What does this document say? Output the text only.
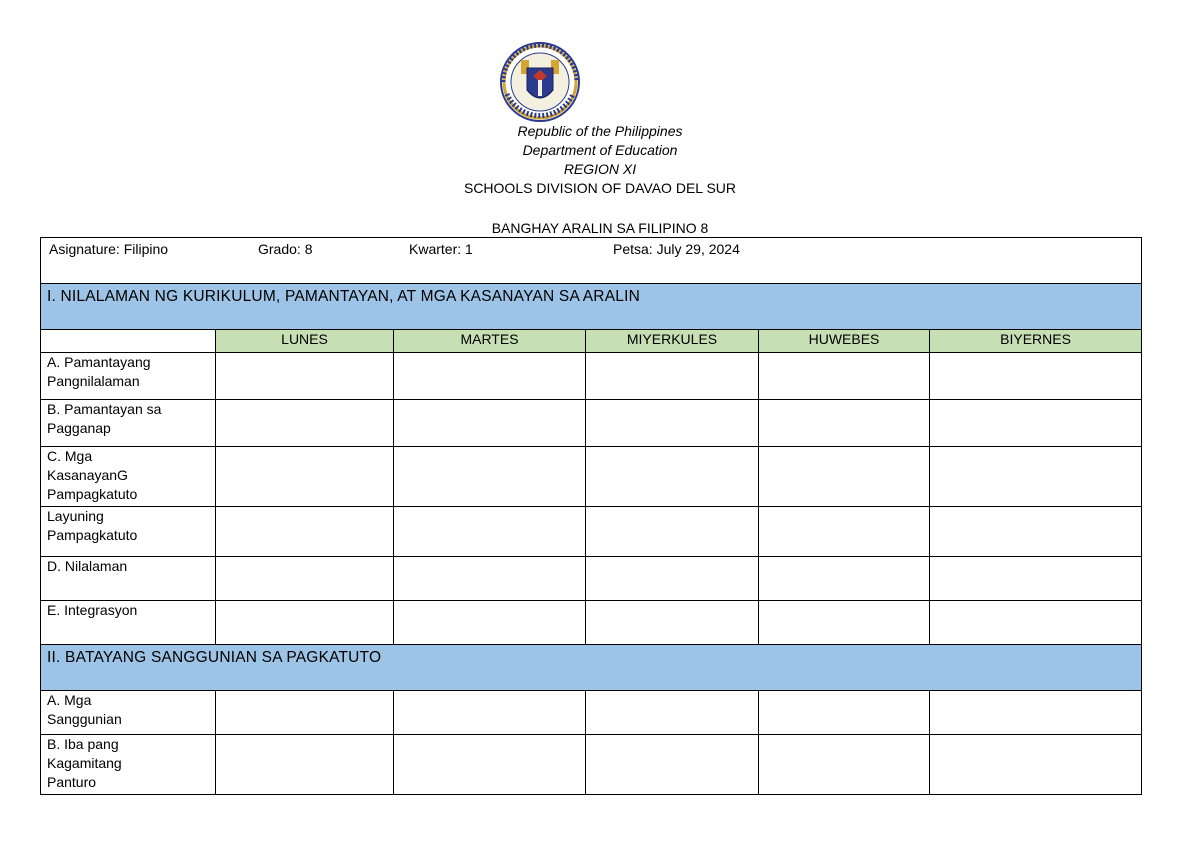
Republic of the Philippines
Department of Education
REGION XI
SCHOOLS DIVISION OF DAVAO DEL SUR
BANGHAY ARALIN SA FILIPINO 8
Asignature: Filipino Grado: 8 Kwarter: 1 Petsa: July 29, 2024					

I. NILALAMAN NG KURIKULUM, PAMANTAYAN, AT MGA KASANAYAN SA ARALIN					

	LUNES	MARTES	MIYERKULES	HUWEBES	BIYERNES

A. Pamantayang
Pangnilalaman					

B. Pamantayan sa
Pagganap					

C. Mga
KasanayanG
Pampagkatuto					

Layuning
Pampagkatuto					

D. Nilalaman					

E. Integrasyon					

II. BATAYANG SANGGUNIAN SA PAGKATUTO					

A. Mga
Sanggunian					

B. Iba pang
Kagamitang
Panturo					
